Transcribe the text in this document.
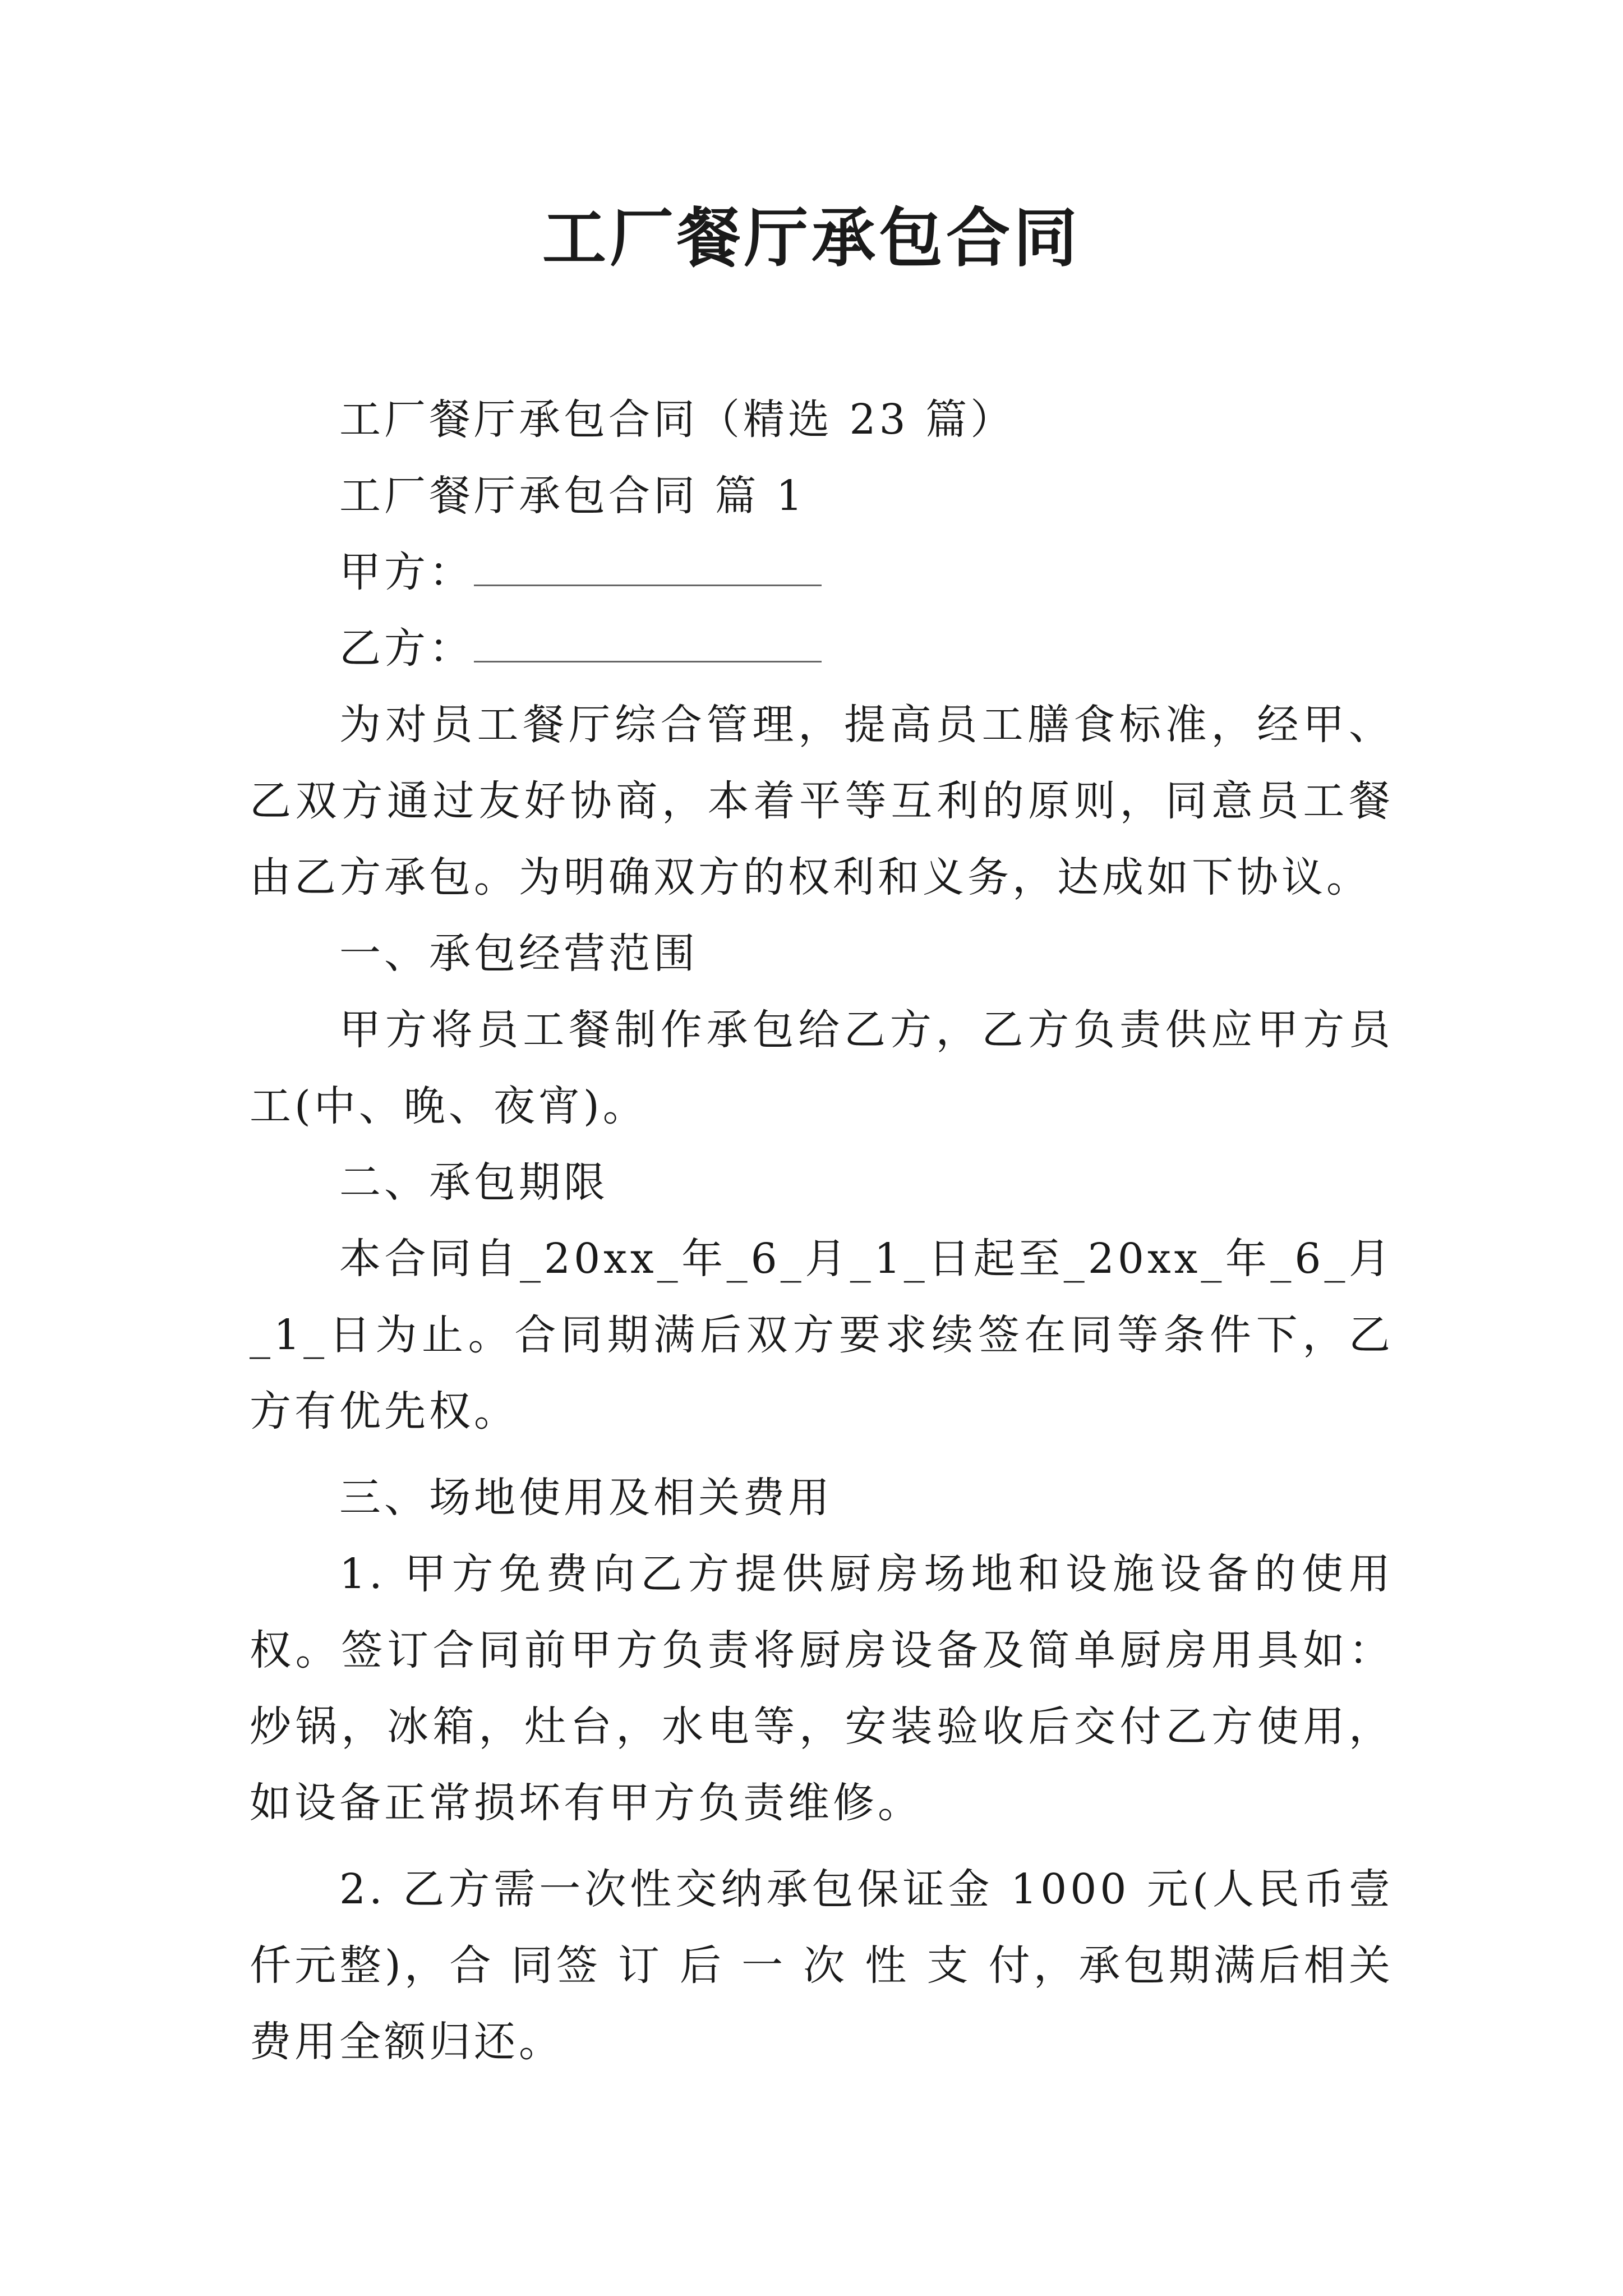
工厂餐厅承包合同

工厂餐厅承包合同（精选 23 篇）

工厂餐厅承包合同 篇 1

甲方：

乙方：

为对员工餐厅综合管理，提高员工膳食标准，经甲、乙双方通过友好协商，本着平等互利的原则，同意员工餐由乙方承包。为明确双方的权利和义务，达成如下协议。

一、承包经营范围

甲方将员工餐制作承包给乙方，乙方负责供应甲方员工(中、晚、夜宵)。

二、承包期限

本合同自_20xx_年_6_月_1_日起至_20xx_年_6_月_1_日为止。合同期满后双方要求续签在同等条件下，乙方有优先权。

三、场地使用及相关费用

1. 甲方免费向乙方提供厨房场地和设施设备的使用权。签订合同前甲方负责将厨房设备及简单厨房用具如：炒锅，冰箱，灶台，水电等，安装验收后交付乙方使用，如设备正常损坏有甲方负责维修。

2. 乙方需一次性交纳承包保证金 1000 元(人民币壹仟元整)，合 同签 订 后 一 次 性 支 付，承包期满后相关费用全额归还。
